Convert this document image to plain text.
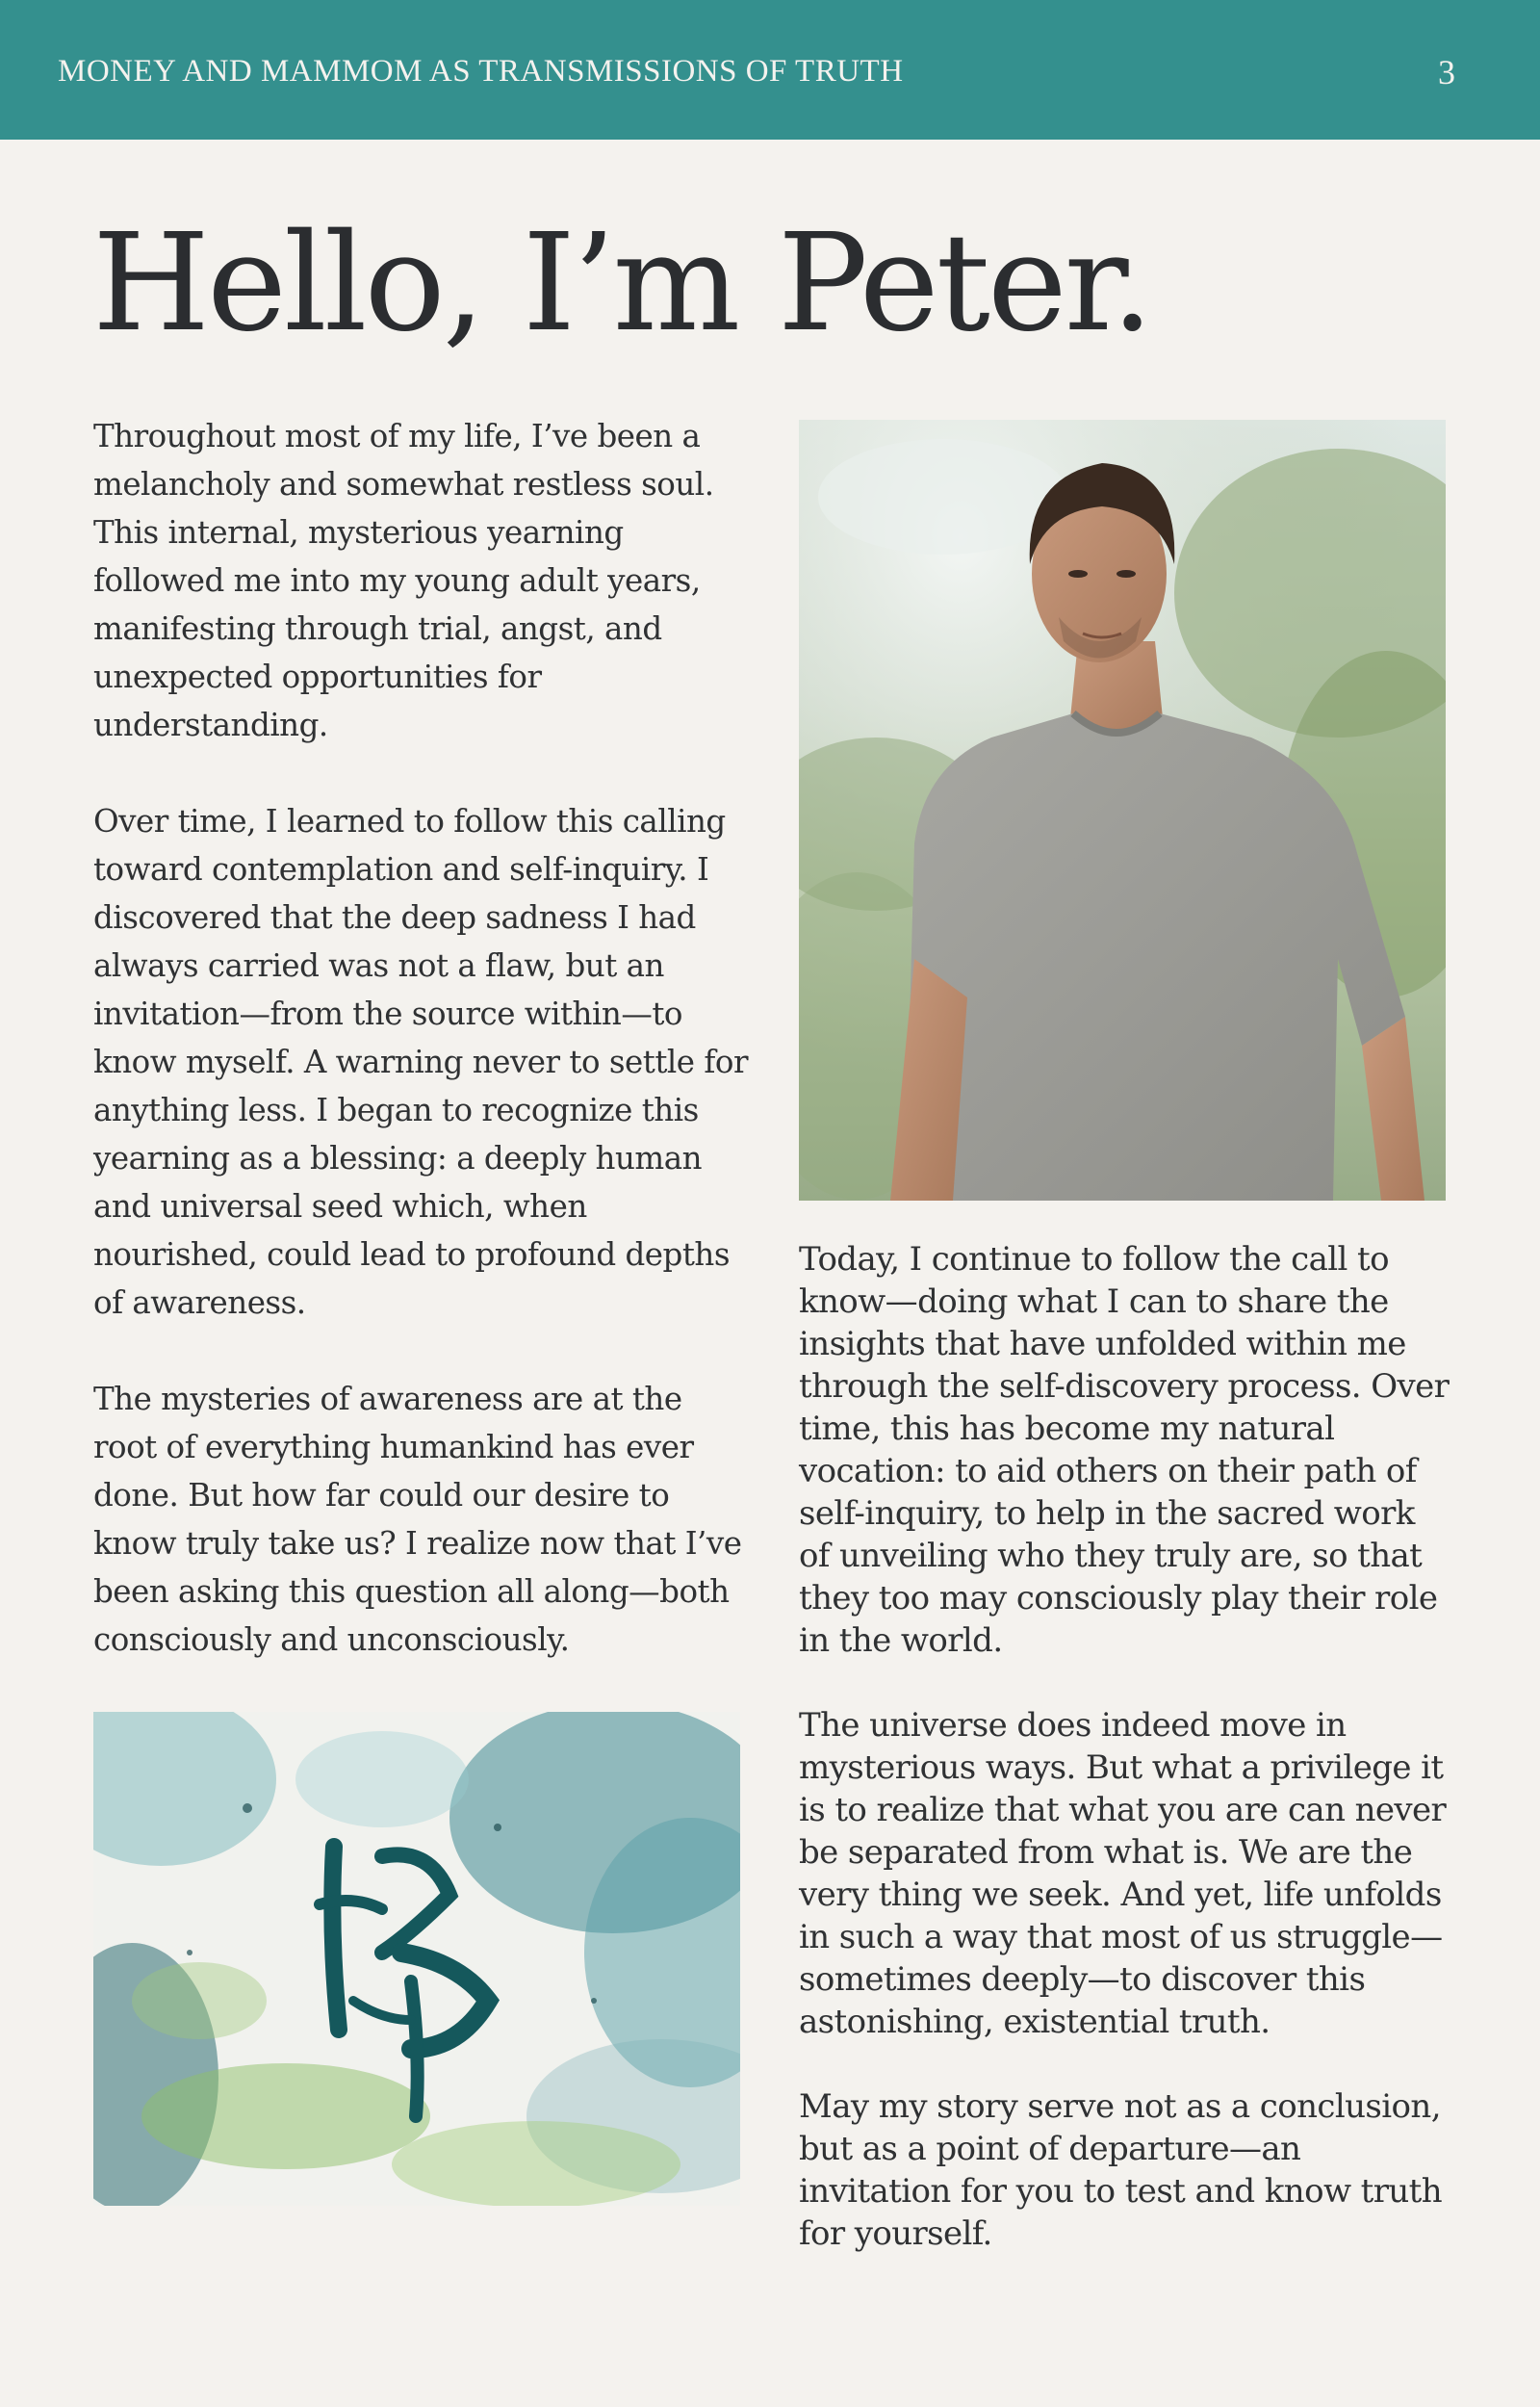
MONEY AND MAMMOM AS TRANSMISSIONS OF TRUTH	3
Hello, I’m Peter.

Throughout most of my life, I’ve been a melancholy and somewhat restless soul. This internal, mysterious yearning followed me into my young adult years, manifesting through trial, angst, and unexpected opportunities for understanding.

Over time, I learned to follow this calling toward contemplation and self-inquiry. I discovered that the deep sadness I had always carried was not a flaw, but an invitation—from the source within—to know myself. A warning never to settle for anything less. I began to recognize this yearning as a blessing: a deeply human and universal seed which, when nourished, could lead to profound depths of awareness.

The mysteries of awareness are at the root of everything humankind has ever done. But how far could our desire to know truly take us? I realize now that I’ve been asking this question all along—both consciously and unconsciously.

Today, I continue to follow the call to know—doing what I can to share the insights that have unfolded within me through the self-discovery process. Over time, this has become my natural vocation: to aid others on their path of self-inquiry, to help in the sacred work of unveiling who they truly are, so that they too may consciously play their role in the world.

The universe does indeed move in mysterious ways. But what a privilege it is to realize that what you are can never be separated from what is. We are the very thing we seek. And yet, life unfolds in such a way that most of us struggle—sometimes deeply—to discover this astonishing, existential truth.

May my story serve not as a conclusion, but as a point of departure—an invitation for you to test and know truth for yourself.
